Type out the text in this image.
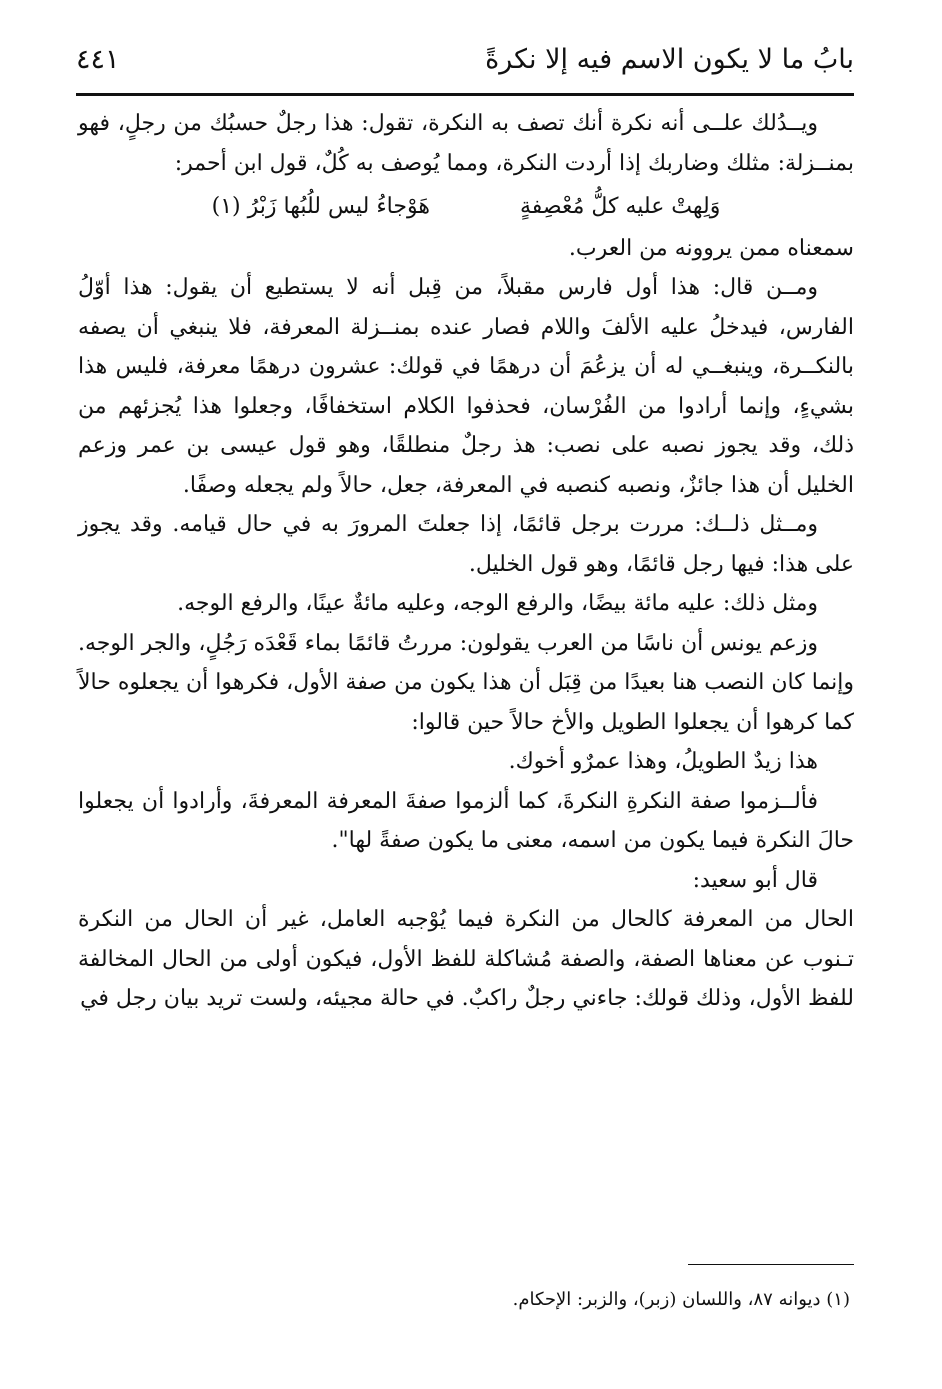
بابُ ما لا يكون الاسم فيه إلا نكرةً
٤٤١

ويــدُلك علــى أنه نكرة أنك تصف به النكرة، تقول: هذا رجلٌ حسبُك من رجلٍ، فهو بمنــزلة: مثلك وضاربك إذا أردت النكرة، ومما يُوصف به كُلٌ، قول ابن أحمر:

وَلِهتْ عليه كلُّ مُعْصِفةٍ
هَوْجاءُ ليس للُبُها زَبْرُ (١)

سمعناه ممن يروونه من العرب.

ومــن قال: هذا أول فارس مقبلاً، من قِبل أنه لا يستطيع أن يقول: هذا أوّلُ الفارس، فيدخلُ عليه الألفَ واللام فصار عنده بمنــزلة المعرفة، فلا ينبغي أن يصفه بالنكــرة، وينبغــي له أن يزعُمَ أن درهمًا في قولك: عشرون درهمًا معرفة، فليس هذا بشيءٍ، وإنما أرادوا من الفُرْسان، فحذفوا الكلام استخفافًا، وجعلوا هذا يُجزئهم من ذلك، وقد يجوز نصبه على نصب: هذ رجلٌ منطلقًا، وهو قول عيسى بن عمر وزعم الخليل أن هذا جائزٌ، ونصبه كنصبه في المعرفة، جعل، حالاً ولم يجعله وصفًا.

ومــثل ذلــك: مررت برجل قائمًا، إذا جعلتَ المرورَ به في حال قيامه. وقد يجوز على هذا: فيها رجل قائمًا، وهو قول الخليل.

ومثل ذلك: عليه مائة بيضًا، والرفع الوجه، وعليه مائةٌ عينًا، والرفع الوجه.

وزعم يونس أن ناسًا من العرب يقولون: مررتُ قائمًا بماء قَعْدَه رَجُلٍ، والجر الوجه. وإنما كان النصب هنا بعيدًا من قِبَل أن هذا يكون من صفة الأول، فكرهوا أن يجعلوه حالاً كما كرهوا أن يجعلوا الطويل والأخ حالاً حين قالوا:

هذا زيدٌ الطويلُ، وهذا عمرٌو أخوك.

فألــزموا صفة النكرةِ النكرةَ، كما ألزموا صفةَ المعرفة المعرفةَ، وأرادوا أن يجعلوا حالَ النكرة فيما يكون من اسمه، معنى ما يكون صفةً لها".

قال أبو سعيد:

الحال من المعرفة كالحال من النكرة فيما يُوْجبه العامل، غير أن الحال من النكرة تـنوب عن معناها الصفة، والصفة مُشاكلة للفظ الأول، فيكون أولى من الحال المخالفة للفظ الأول، وذلك قولك: جاءني رجلٌ راكبٌ. في حالة مجيئه، ولست تريد بيان رجل في

(١) ديوانه ٨٧، واللسان (زبر)، والزبر: الإحكام.
